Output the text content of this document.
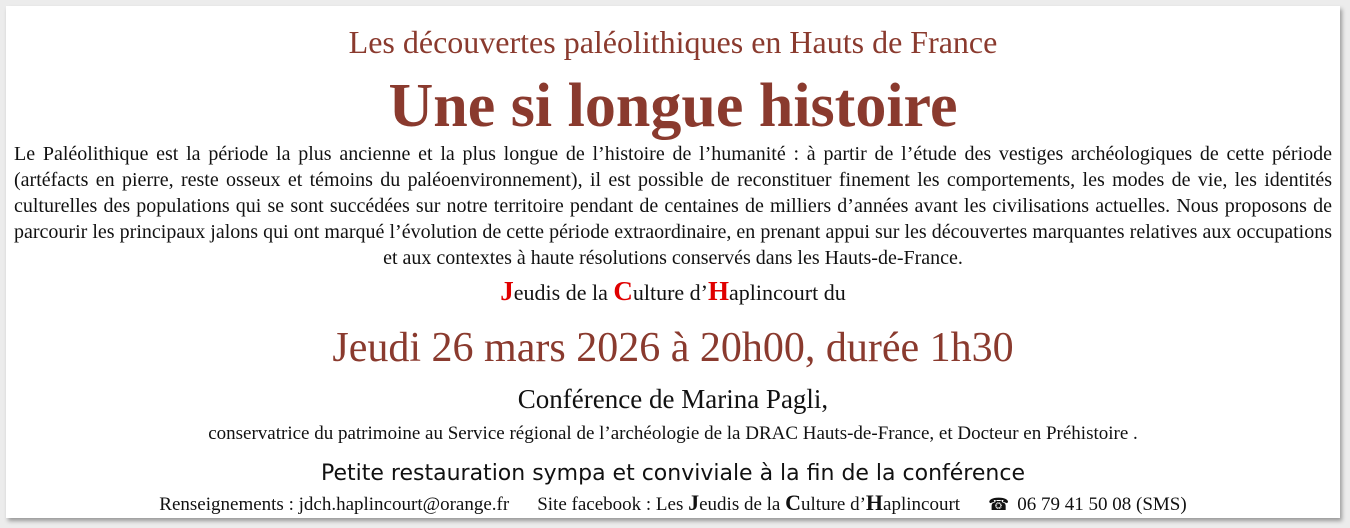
Les découvertes paléolithiques en Hauts de France
Une si longue histoire
Le Paléolithique est la période la plus ancienne et la plus longue de l’histoire de l’humanité : à partir de l’étude des vestiges archéologiques de cette période (artéfacts en pierre, reste osseux et témoins du paléoenvironnement), il est possible de reconstituer finement les comportements, les modes de vie, les identités culturelles des populations qui se sont succédées sur notre territoire pendant de centaines de milliers d’années avant les civilisations actuelles. Nous proposons de parcourir les principaux jalons qui ont marqué l’évolution de cette période extraordinaire, en prenant appui sur les découvertes marquantes relatives aux occupations et aux contextes à haute résolutions conservés dans les Hauts-de-France.
Jeudis de la Culture d’Haplincourt du
Jeudi 26 mars 2026 à 20h00, durée 1h30
Conférence de Marina Pagli,
conservatrice du patrimoine au Service régional de l’archéologie de la DRAC Hauts-de-France, et Docteur en Préhistoire .
Petite restauration sympa et conviviale à la fin de la conférence
Renseignements : jdch.haplincourt@orange.fr Site facebook : Les Jeudis de la Culture d’Haplincourt ☎ 06 79 41 50 08 (SMS)
